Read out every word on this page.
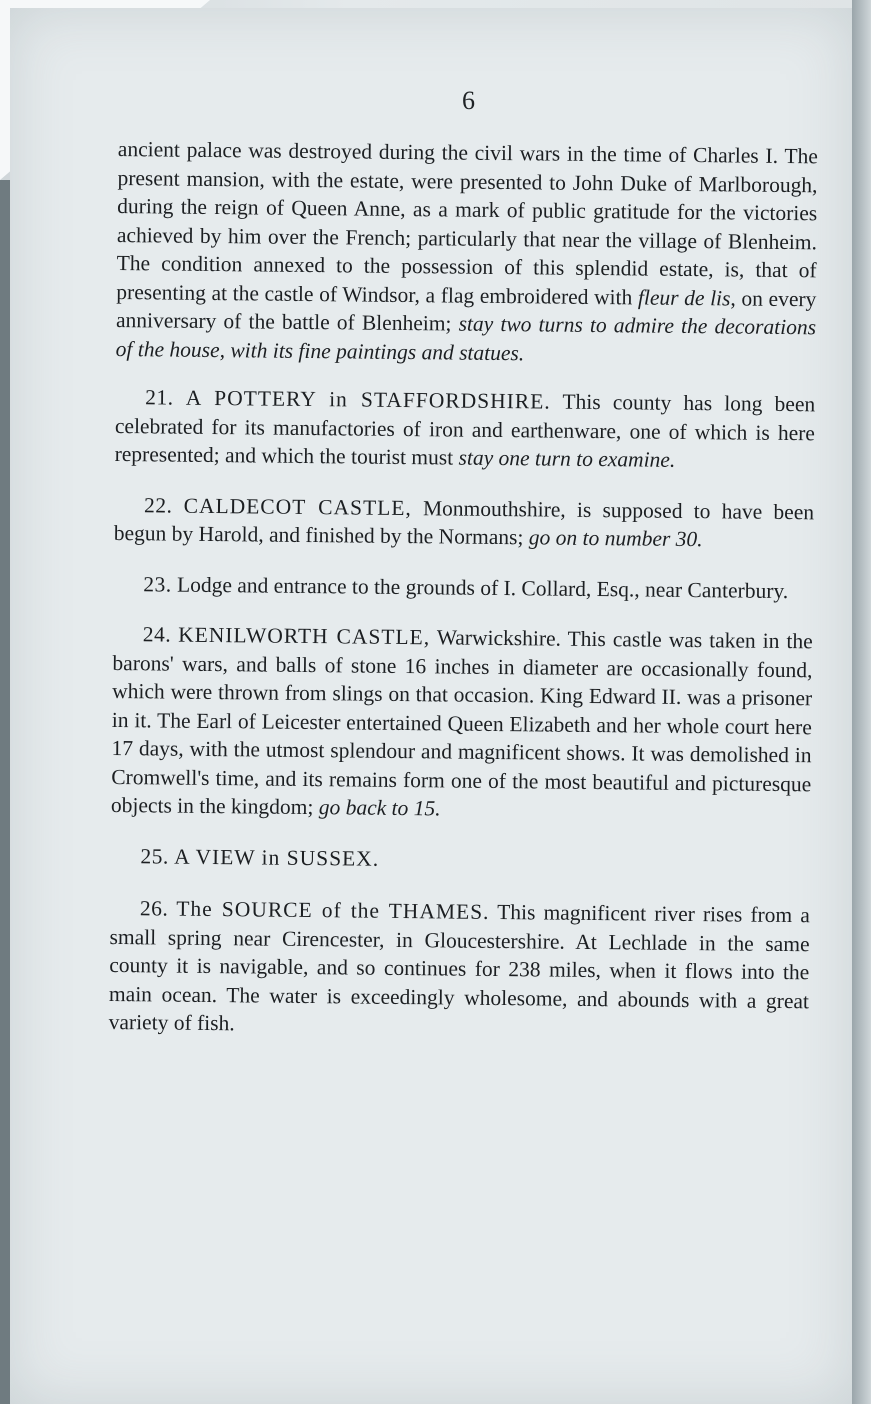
6

ancient palace was destroyed during the civil wars in the time of Charles I. The present mansion, with the estate, were presented to John Duke of Marlborough, during the reign of Queen Anne, as a mark of public gratitude for the victories achieved by him over the French; particularly that near the village of Blenheim. The condition annexed to the possession of this splendid estate, is, that of presenting at the castle of Windsor, a flag embroidered with fleur de lis, on every anniversary of the battle of Blenheim; stay two turns to admire the decorations of the house, with its fine paintings and statues.

21. A POTTERY in STAFFORDSHIRE. This county has long been celebrated for its manufactories of iron and earthenware, one of which is here represented; and which the tourist must stay one turn to examine.

22. CALDECOT CASTLE, Monmouthshire, is supposed to have been begun by Harold, and finished by the Normans; go on to number 30.

23. Lodge and entrance to the grounds of I. Collard, Esq., near Canterbury.

24. KENILWORTH CASTLE, Warwickshire. This castle was taken in the barons' wars, and balls of stone 16 inches in diameter are occasionally found, which were thrown from slings on that occasion. King Edward II. was a prisoner in it. The Earl of Leicester entertained Queen Elizabeth and her whole court here 17 days, with the utmost splendour and magnificent shows. It was demolished in Cromwell's time, and its remains form one of the most beautiful and picturesque objects in the kingdom; go back to 15.

25. A VIEW in SUSSEX.

26. The SOURCE of the THAMES. This magnificent river rises from a small spring near Cirencester, in Gloucestershire. At Lechlade in the same county it is navigable, and so continues for 238 miles, when it flows into the main ocean. The water is exceedingly wholesome, and abounds with a great variety of fish.
